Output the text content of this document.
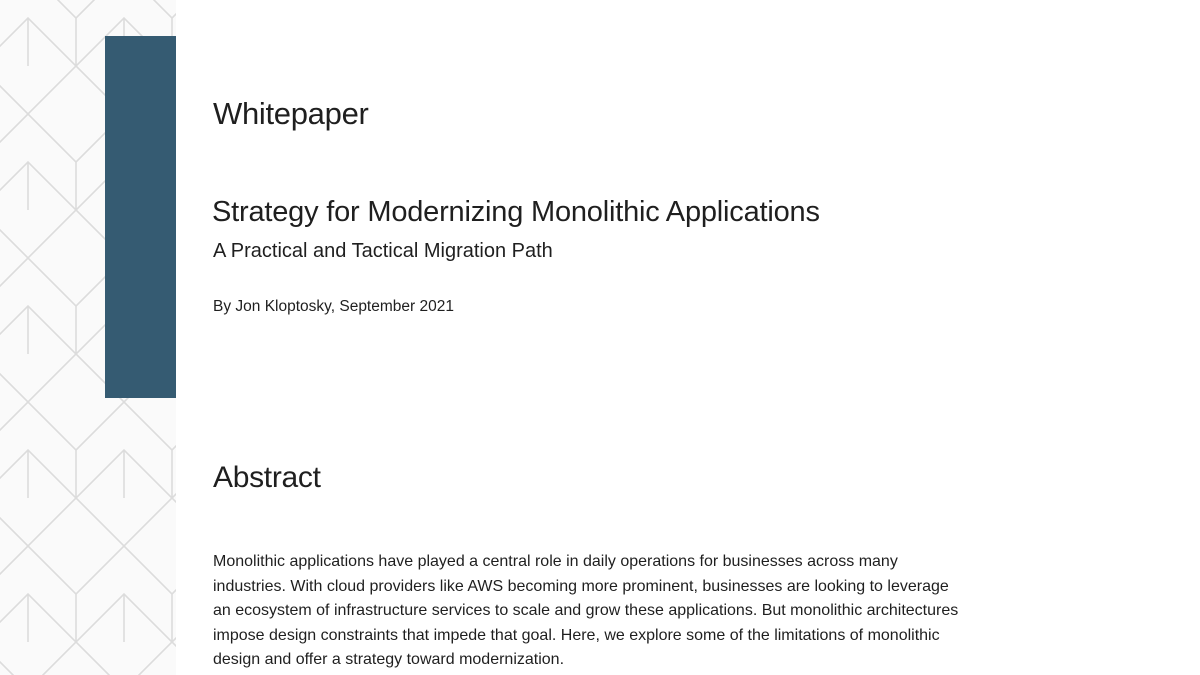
Whitepaper
Strategy for Modernizing Monolithic Applications
A Practical and Tactical Migration Path
By Jon Kloptosky, September 2021
Abstract
Monolithic applications have played a central role in daily operations for businesses across many
industries. With cloud providers like AWS becoming more prominent, businesses are looking to leverage
an ecosystem of infrastructure services to scale and grow these applications. But monolithic architectures
impose design constraints that impede that goal. Here, we explore some of the limitations of monolithic
design and offer a strategy toward modernization.
